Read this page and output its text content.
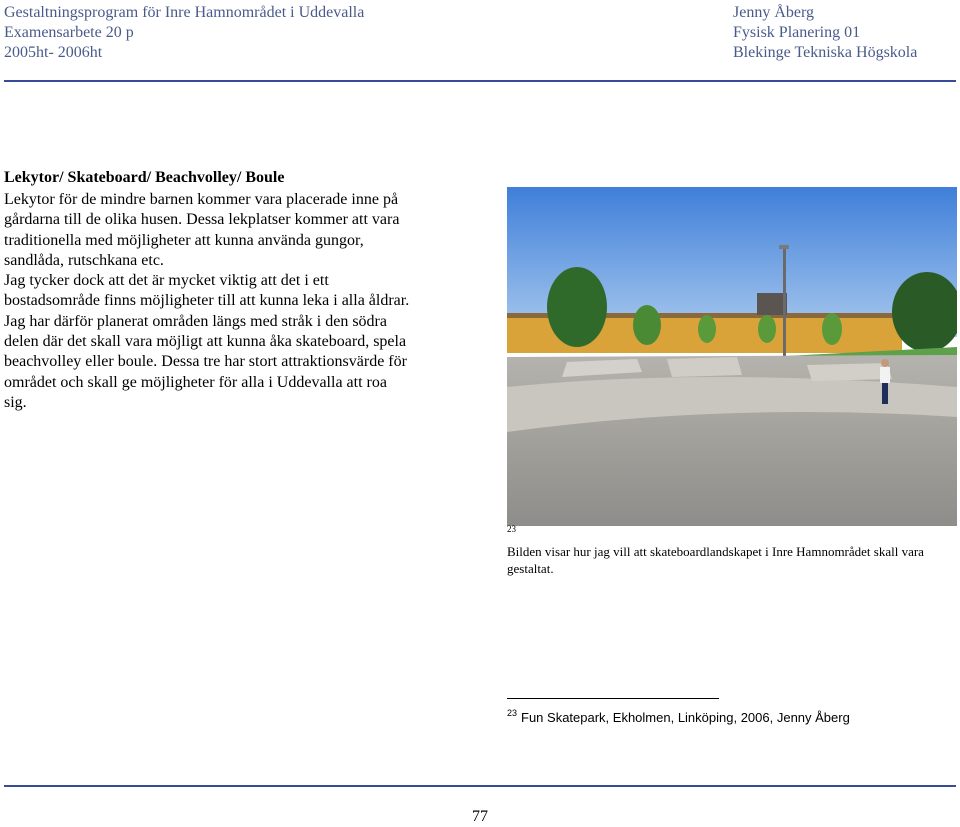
Gestaltningsprogram för Inre Hamnområdet i Uddevalla
Examensarbete 20 p
2005ht- 2006ht
Jenny Åberg
Fysisk Planering 01
Blekinge Tekniska Högskola
Lekytor/ Skateboard/ Beachvolley/ Boule
Lekytor för de mindre barnen kommer vara placerade inne på
gårdarna till de olika husen. Dessa lekplatser kommer att vara
traditionella med möjligheter att kunna använda gungor,
sandlåda, rutschkana etc.
Jag tycker dock att det är mycket viktig att det i ett
bostadsområde finns möjligheter till att kunna leka i alla åldrar.
Jag har därför planerat områden längs med stråk i den södra
delen där det skall vara möjligt att kunna åka skateboard, spela
beachvolley eller boule. Dessa tre har stort attraktionsvärde för
området och skall ge möjligheter för alla i Uddevalla att roa
sig.
23
Bilden visar hur jag vill att skateboardlandskapet i Inre Hamnområdet skall vara gestaltat.
$^{23}$ Fun Skatepark, Ekholmen, Linköping, 2006, Jenny Åberg
77
